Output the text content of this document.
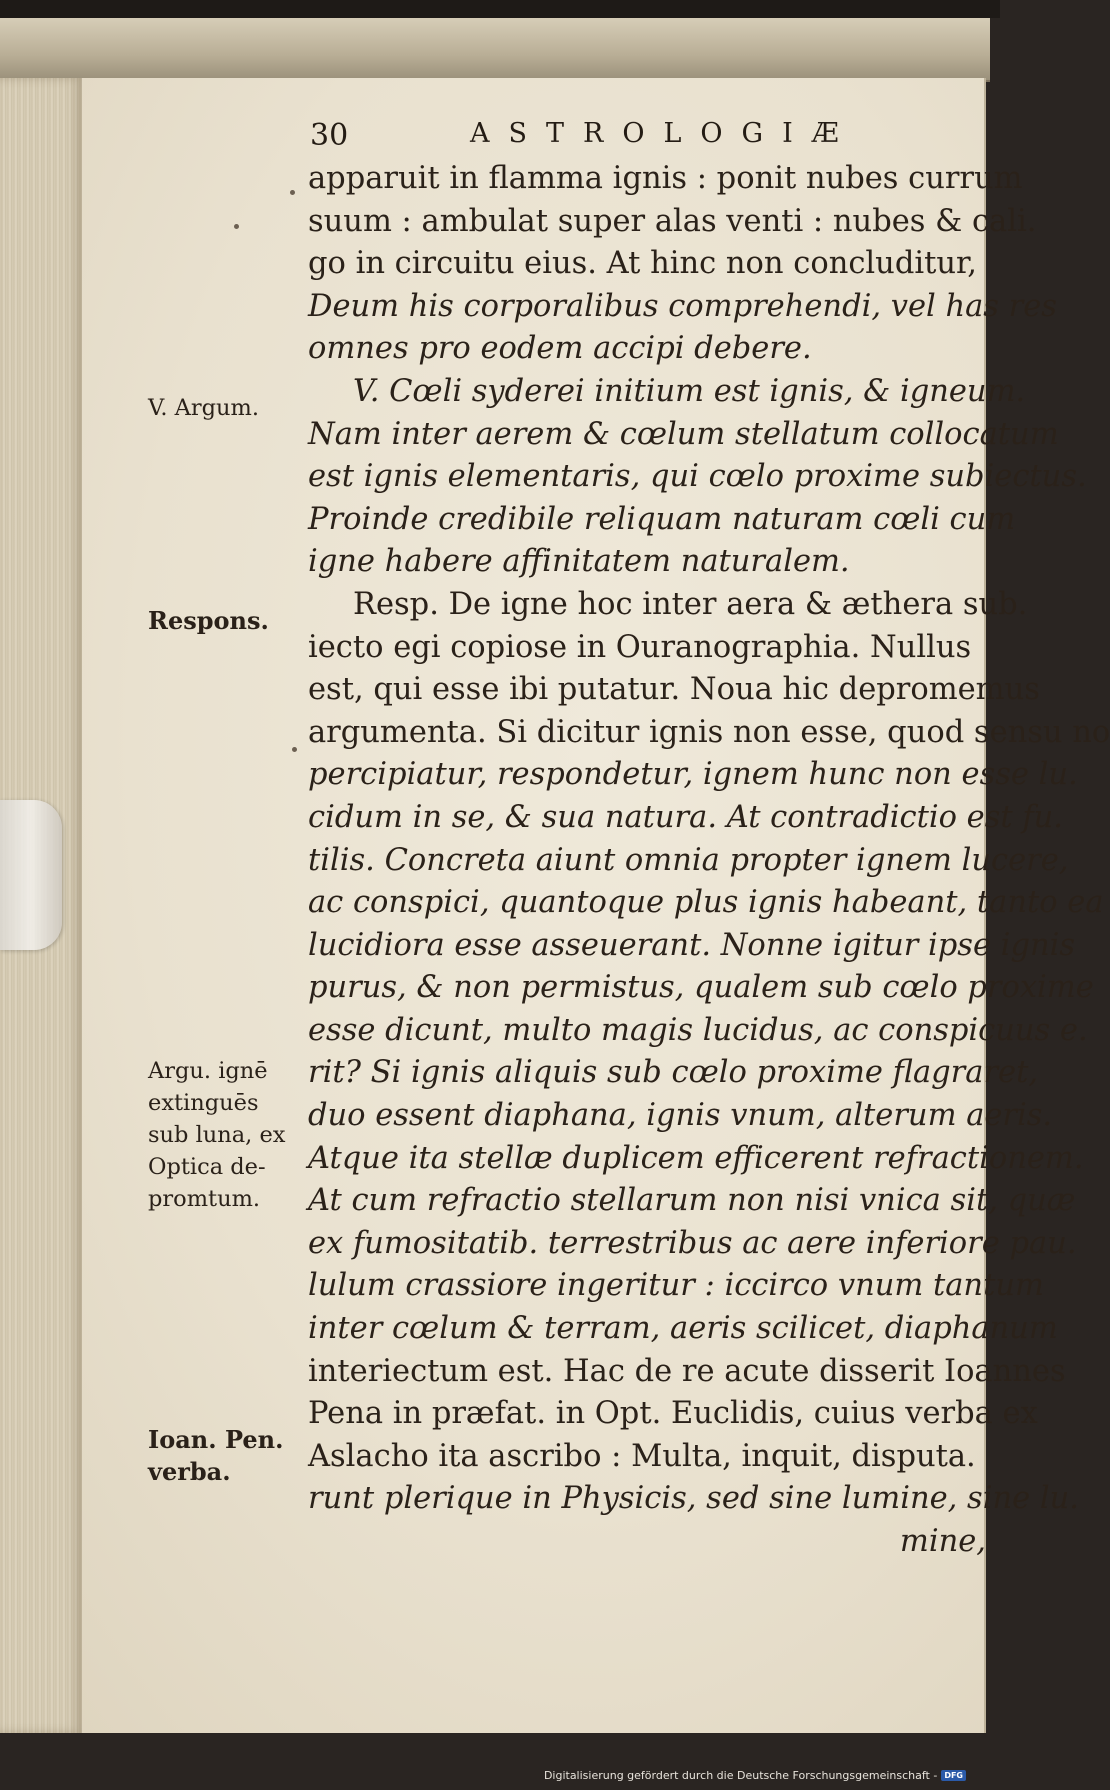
30	ASTROLOGIÆ
apparuit in flamma ignis : ponit nubes currum
suum : ambulat super alas venti : nubes & cali.
go in circuitu eius. At hinc non concluditur,
Deum his corporalibus comprehendi, vel has res
omnes pro eodem accipi debere.
V. Cœli syderei initium est ignis, & igneum.
Nam inter aerem & cœlum stellatum collocatum
est ignis elementaris, qui cœlo proxime subiectus.
Proinde credibile reliquam naturam cœli cum
igne habere affinitatem naturalem.
Resp. De igne hoc inter aera & æthera sub.
iecto egi copiose in Ouranographia. Nullus
est, qui esse ibi putatur. Noua hic depromemus
argumenta. Si dicitur ignis non esse, quod sensu no
percipiatur, respondetur, ignem hunc non esse lu.
cidum in se, & sua natura. At contradictio est fu.
tilis. Concreta aiunt omnia propter ignem lucere,
ac conspici, quantoque plus ignis habeant, tanto ea
lucidiora esse asseuerant. Nonne igitur ipse ignis
purus, & non permistus, qualem sub cœlo proxime
esse dicunt, multo magis lucidus, ac conspicuus e.
rit? Si ignis aliquis sub cœlo proxime flagraret,
duo essent diaphana, ignis vnum, alterum aeris.
Atque ita stellæ duplicem efficerent refractionem.
At cum refractio stellarum non nisi vnica sit, quæ
ex fumositatib. terrestribus ac aere inferiore pau.
lulum crassiore ingeritur : iccirco vnum tantum
inter cœlum & terram, aeris scilicet, diaphanum
interiectum est. Hac de re acute disserit Ioannes
Pena in præfat. in Opt. Euclidis, cuius verba ex
Aslacho ita ascribo : Multa, inquit, disputa.
runt plerique in Physicis, sed sine lumine, sine lu.
mine,
V. Argum.
Respons.
Argu. ignē
extinguēs
sub luna, ex
Optica de-
promtum.
Ioan. Pen.
verba.
Digitalisierung gefördert durch die Deutsche Forschungsgemeinschaft - DFG
